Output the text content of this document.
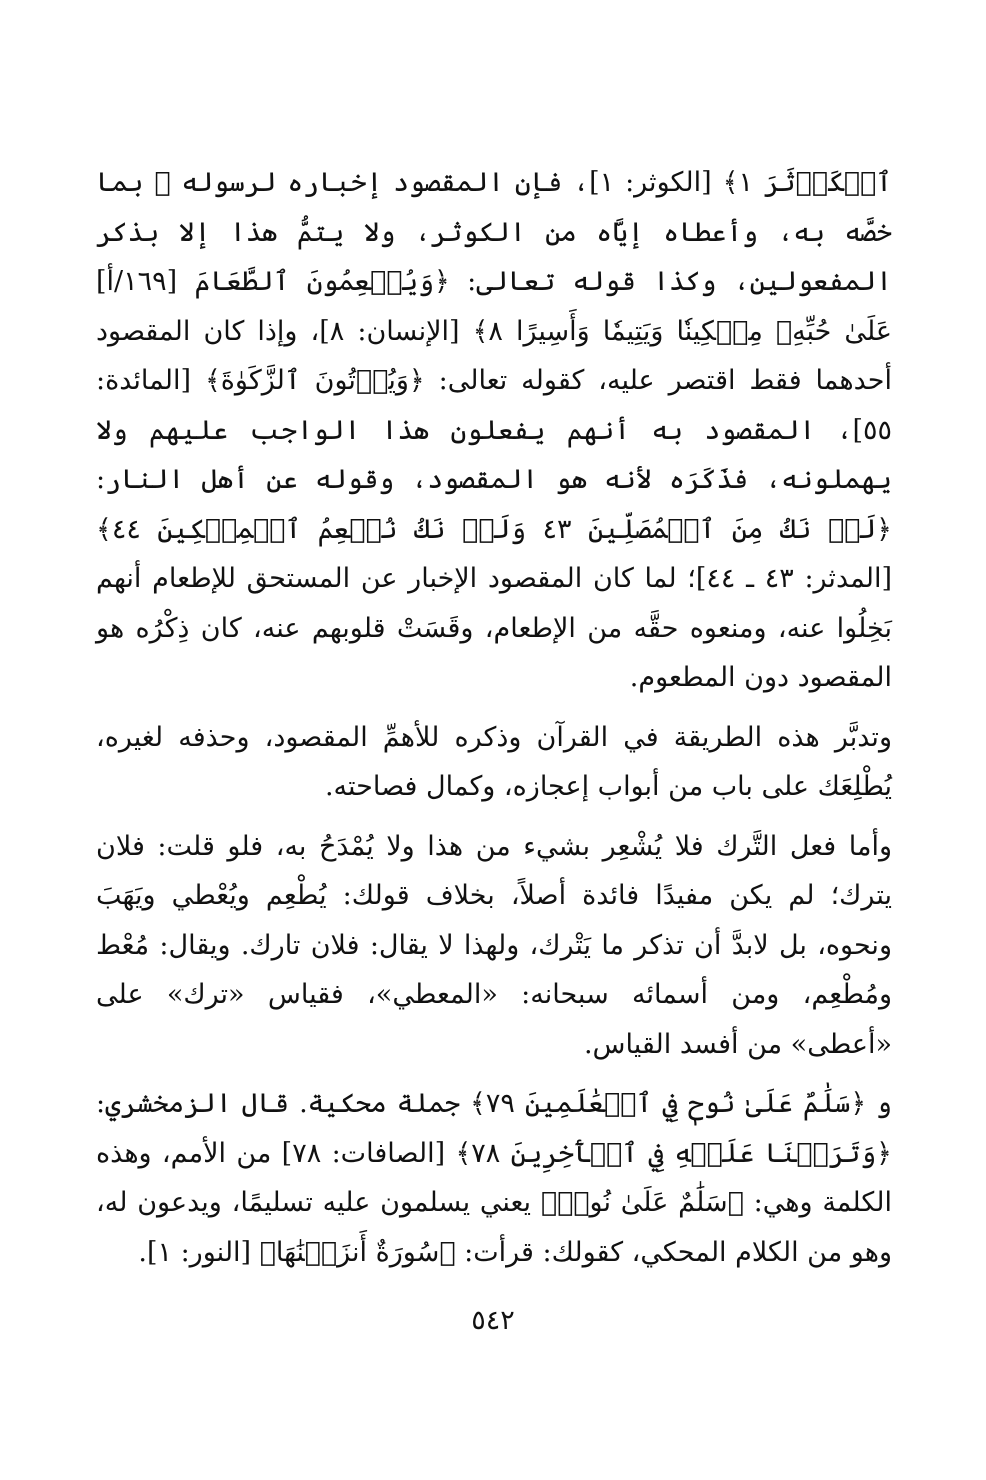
ٱلۡكَوۡثَرَ ١﴾ [الكوثر: ١]، فإن المقصود إخباره لرسوله ﷺ بما خصَّه به، وأعطاه إيَّاه من الكوثر، ولا يتمُّ هذا إلا بذكر المفعولين، وكذا قوله تعالى: ﴿وَيُطۡعِمُونَ ٱلطَّعَامَ [١٦٩/أ] عَلَىٰ حُبِّهِۦ مِسۡكِينٗا وَيَتِيمٗا وَأَسِيرًا ٨﴾ [الإنسان: ٨]، وإذا كان المقصود أحدهما فقط اقتصر عليه، كقوله تعالى: ﴿وَيُؤۡتُونَ ٱلزَّكَوٰةَ﴾ [المائدة: ٥٥]، المقصود به أنهم يفعلون هذا الواجب عليهم ولا يهملونه، فذَكَرَه لأنه هو المقصود، وقوله عن أهل النار: ﴿لَمۡ نَكُ مِنَ ٱلۡمُصَلِّينَ ٤٣ وَلَمۡ نَكُ نُطۡعِمُ ٱلۡمِسۡكِينَ ٤٤﴾ [المدثر: ٤٣ ـ ٤٤]؛ لما كان المقصود الإخبار عن المستحق للإطعام أنهم بَخِلُوا عنه، ومنعوه حقَّه من الإطعام، وقَسَتْ قلوبهم عنه، كان ذِكْرُه هو المقصود دون المطعوم.

وتدبَّر هذه الطريقة في القرآن وذكره للأهمِّ المقصود، وحذفه لغيره، يُطْلِعَك على باب من أبواب إعجازه، وكمال فصاحته.

وأما فعل التَّرك فلا يُشْعِر بشيء من هذا ولا يُمْدَحُ به، فلو قلت: فلان يترك؛ لم يكن مفيدًا فائدة أصلاً، بخلاف قولك: يُطْعِم ويُعْطي ويَهَبَ ونحوه، بل لابدَّ أن تذكر ما يَتْرك، ولهذا لا يقال: فلان تارك. ويقال: مُعْط ومُطْعِم، ومن أسمائه سبحانه: «المعطي»، فقياس «ترك» على «أعطى» من أفسد القياس.

و ﴿سَلَٰمٌ عَلَىٰ نُوحٖ فِي ٱلۡعَٰلَمِينَ ٧٩﴾ جملة محكية. قال الزمخشري: ﴿وَتَرَكۡنَا عَلَيۡهِ فِي ٱلۡأٓخِرِينَ ٧٨﴾ [الصافات: ٧٨] من الأمم، وهذه الكلمة وهي: ﴿سَلَٰمٌ عَلَىٰ نُوحٖ﴾ يعني يسلمون عليه تسليمًا، ويدعون له، وهو من الكلام المحكي، كقولك: قرأت: ﴿سُورَةٌ أَنزَلۡنَٰهَا﴾ [النور: ١].

٥٤٢
